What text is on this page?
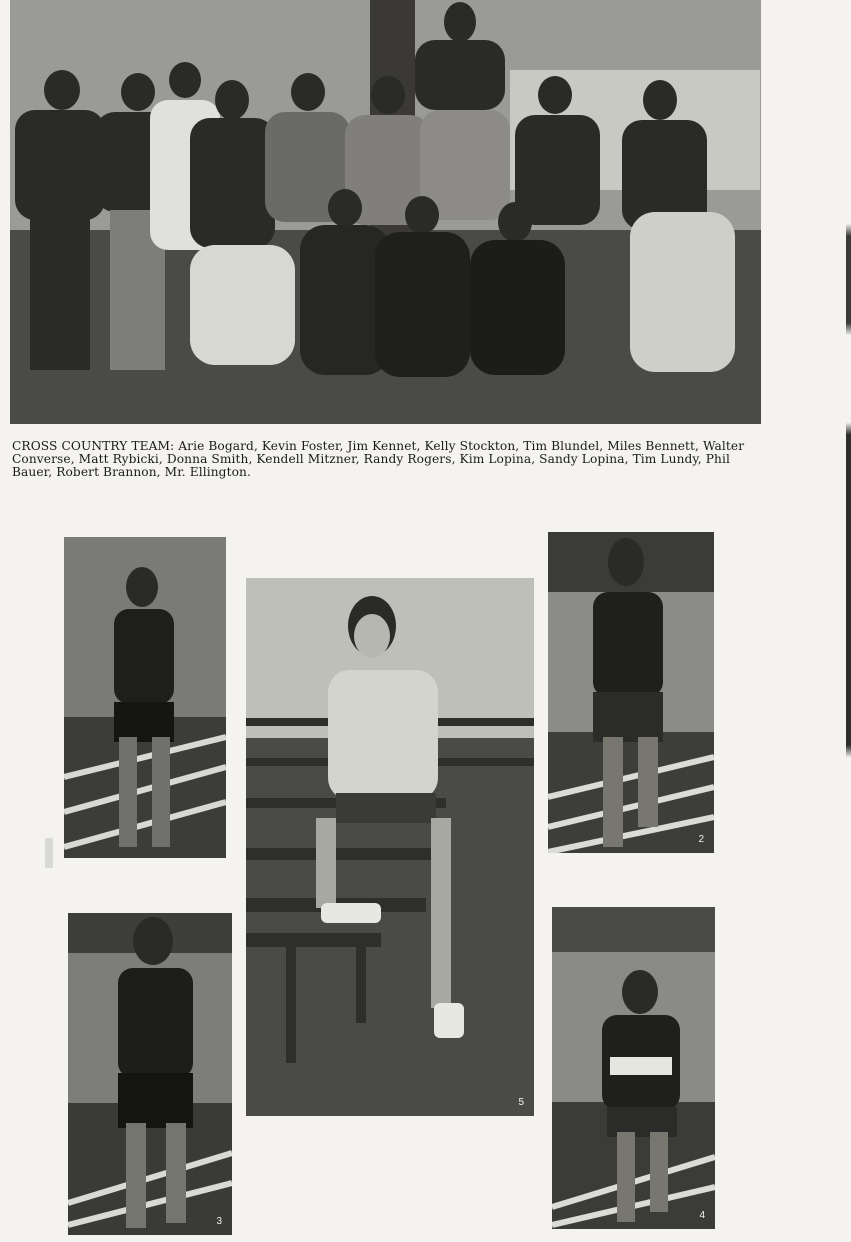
CROSS COUNTRY TEAM: Arie Bogard, Kevin Foster, Jim Kennet, Kelly Stockton, Tim Blundel, Miles Bennett, Walter Converse, Matt Rybicki, Donna Smith, Kendell Mitzner, Randy Rogers, Kim Lopina, Sandy Lopina, Tim Lundy, Phil Bauer, Robert Brannon, Mr. Ellington.
5
2
3
4
